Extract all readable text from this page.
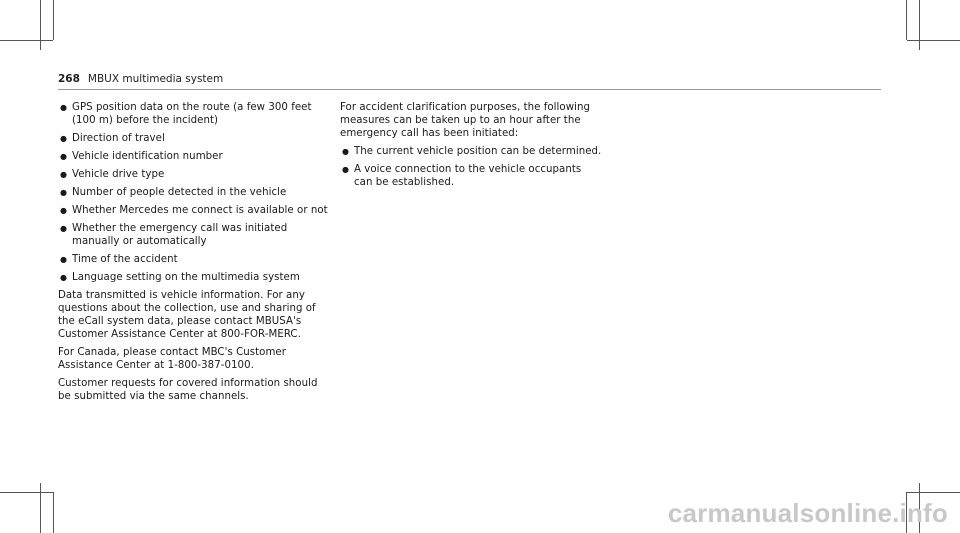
268 MBUX multimedia system
● GPS position data on the route (a few 300 feet (100 m) before the incident)
● Direction of travel
● Vehicle identification number
● Vehicle drive type
● Number of people detected in the vehicle
● Whether Mercedes me connect is available or not
● Whether the emergency call was initiated manually or automatically
● Time of the accident
● Language setting on the multimedia system

Data transmitted is vehicle information. For any questions about the collection, use and sharing of the eCall system data, please contact MBUSA's Customer Assistance Center at 800-FOR-MERC.

For Canada, please contact MBC's Customer Assistance Center at 1-800-387-0100.

Customer requests for covered information should be submitted via the same channels.

For accident clarification purposes, the following measures can be taken up to an hour after the emergency call has been initiated:

● The current vehicle position can be determined.
● A voice connection to the vehicle occupants can be established.
carmanualsonline.info
